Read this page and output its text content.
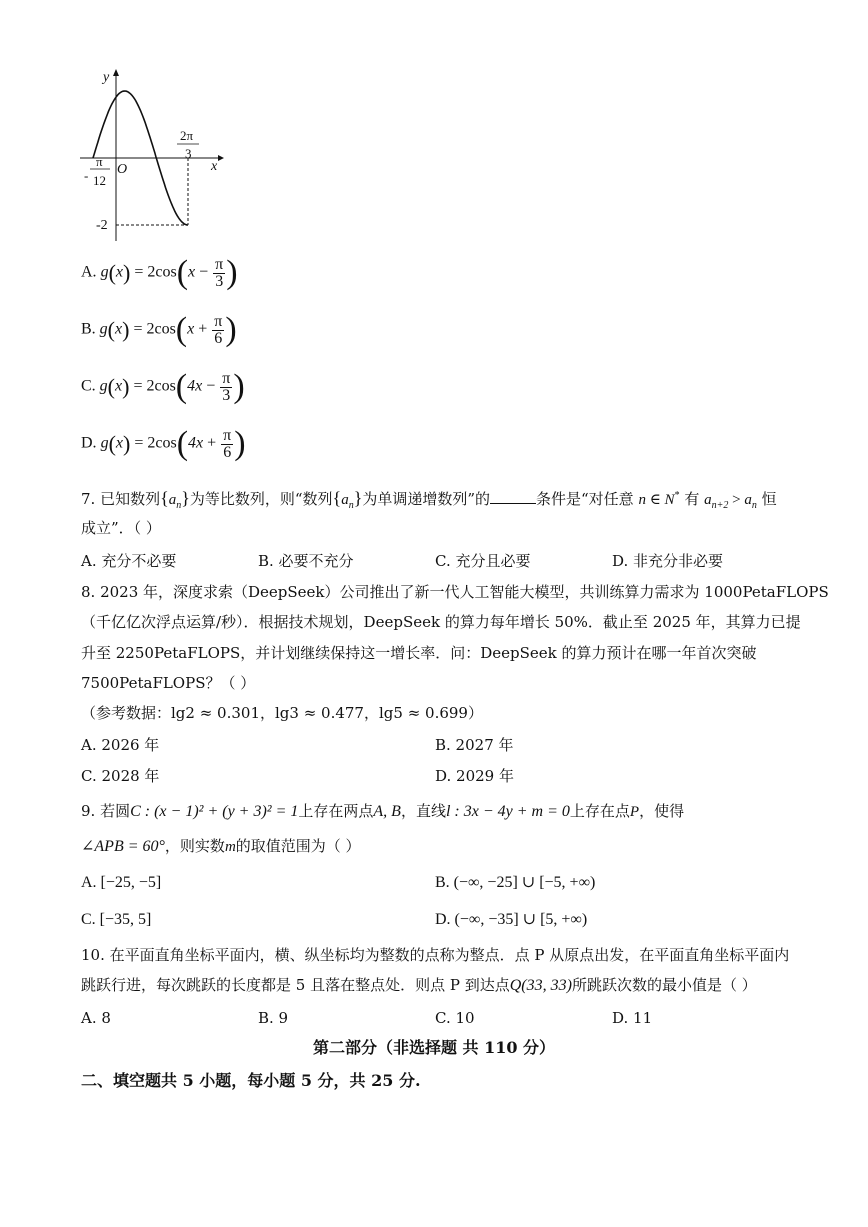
y
x
O
-
π
12
2π
3
-2
A. $g(x) = 2\cos(x - \frac{\pi}{3}$ )
B. $g(x) = 2\cos(x + \frac{\pi}{6}$ )
C. $g(x) = 2\cos(4x - \frac{\pi}{3}$ )
D. $g(x) = 2\cos(4x + \frac{\pi}{6}$ )
7. 已知数列$\{a_n\}$为等比数列，则“数列$\{a_n\}$为单调递增数列”的	条件是“对任意 n ∈ N* 有 $a_{n+2} > a_n$ 恒
成立”．（ ）
A. 充分不必要	B. 必要不充分	C. 充分且必要	D. 非充分非必要
8. 2023 年，深度求索（DeepSeek）公司推出了新一代人工智能大模型，共训练算力需求为 1000PetaFLOPS
（千亿亿次浮点运算/秒）．根据技术规划，DeepSeek 的算力每年增长 50%．截止至 2025 年，其算力已提
升至 2250PetaFLOPS，并计划继续保持这一增长率．问：DeepSeek 的算力预计在哪一年首次突破
7500PetaFLOPS？（ ）
（参考数据：lg2 ≈ 0.301，lg3 ≈ 0.477，lg5 ≈ 0.699）
A. 2026 年	B. 2027 年
C. 2028 年	D. 2029 年
9. 若圆C : (x − 1)² + (y + 3)² = 1上存在两点A, B，直线l : 3x − 4y + m = 0上存在点P，使得
∠APB = 60°，则实数m的取值范围为（ ）
A. [−25, −5]	B. (−∞, −25] ∪ [−5, +∞)
C. [−35, 5]	D. (−∞, −35] ∪ [5, +∞)
10. 在平面直角坐标平面内，横、纵坐标均为整数的点称为整点．点 P 从原点出发，在平面直角坐标平面内
跳跃行进，每次跳跃的长度都是 5 且落在整点处．则点 P 到达点Q(33, 33)所跳跃次数的最小值是（ ）
A. 8	B. 9	C. 10	D. 11
第二部分（非选择题 共 110 分）
二、填空题共 5 小题，每小题 5 分，共 25 分.
